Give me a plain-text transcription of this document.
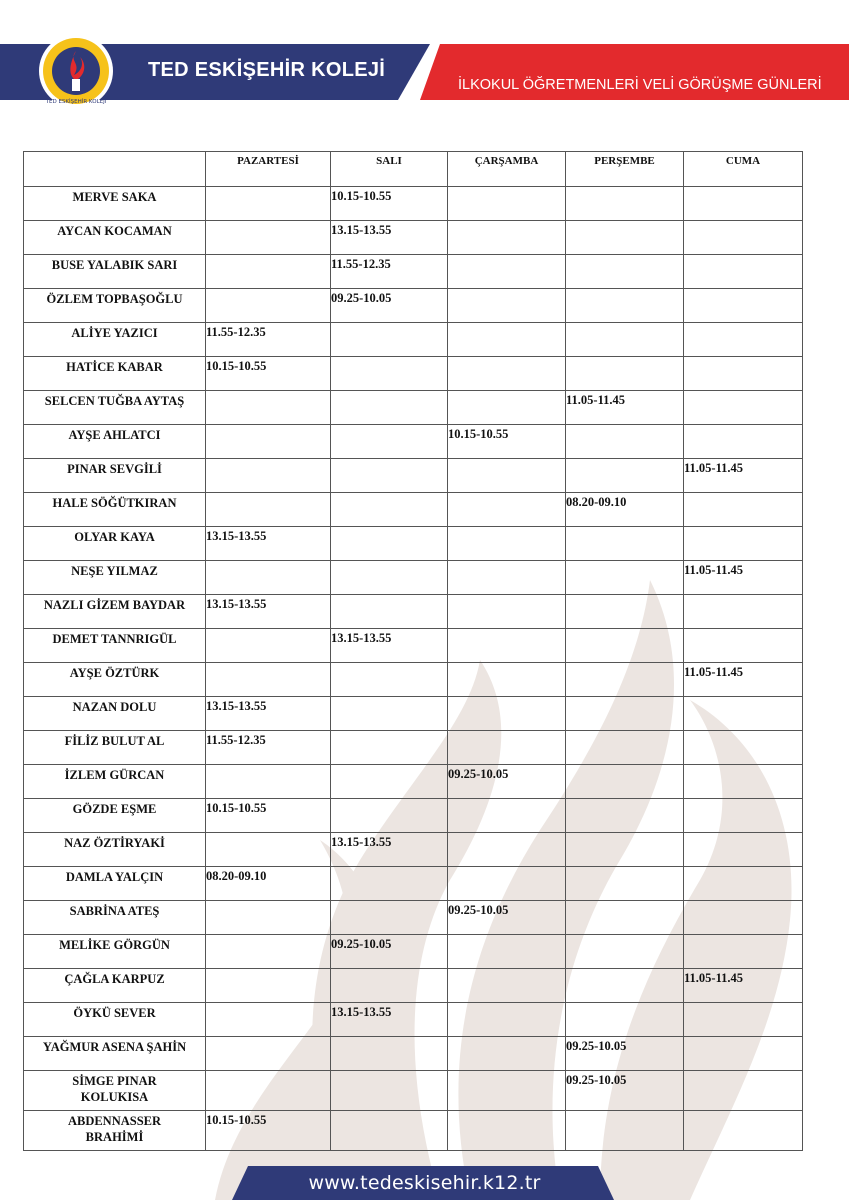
TED ESKİŞEHİR KOLEJİ
TED ESKİŞEHİR KOLEJİ
İLKOKUL ÖĞRETMENLERİ VELİ GÖRÜŞME GÜNLERİ
	PAZARTESİ	SALI	ÇARŞAMBA	PERŞEMBE	CUMA
MERVE SAKA		10.15-10.55			
AYCAN KOCAMAN		13.15-13.55			
BUSE YALABIK SARI		11.55-12.35			
ÖZLEM TOPBAŞOĞLU		09.25-10.05			
ALİYE YAZICI	11.55-12.35				
HATİCE KABAR	10.15-10.55				
SELCEN TUĞBA AYTAŞ				11.05-11.45	
AYŞE AHLATCI			10.15-10.55		
PINAR SEVGİLİ					11.05-11.45
HALE SÖĞÜTKIRAN				08.20-09.10	
OLYAR KAYA	13.15-13.55				
NEŞE YILMAZ					11.05-11.45
NAZLI GİZEM BAYDAR	13.15-13.55				
DEMET TANNRIGÜL		13.15-13.55			
AYŞE ÖZTÜRK					11.05-11.45
NAZAN DOLU	13.15-13.55				
FİLİZ BULUT AL	11.55-12.35				
İZLEM GÜRCAN			09.25-10.05		
GÖZDE EŞME	10.15-10.55				
NAZ ÖZTİRYAKİ		13.15-13.55			
DAMLA YALÇIN	08.20-09.10				
SABRİNA ATEŞ			09.25-10.05		
MELİKE GÖRGÜN		09.25-10.05			
ÇAĞLA KARPUZ					11.05-11.45
ÖYKÜ SEVER		13.15-13.55			
YAĞMUR ASENA ŞAHİN				09.25-10.05	
SİMGE PINAR
KOLUKISA				09.25-10.05	
ABDENNASSER
BRAHİMİ	10.15-10.55				
www.tedeskisehir.k12.tr
